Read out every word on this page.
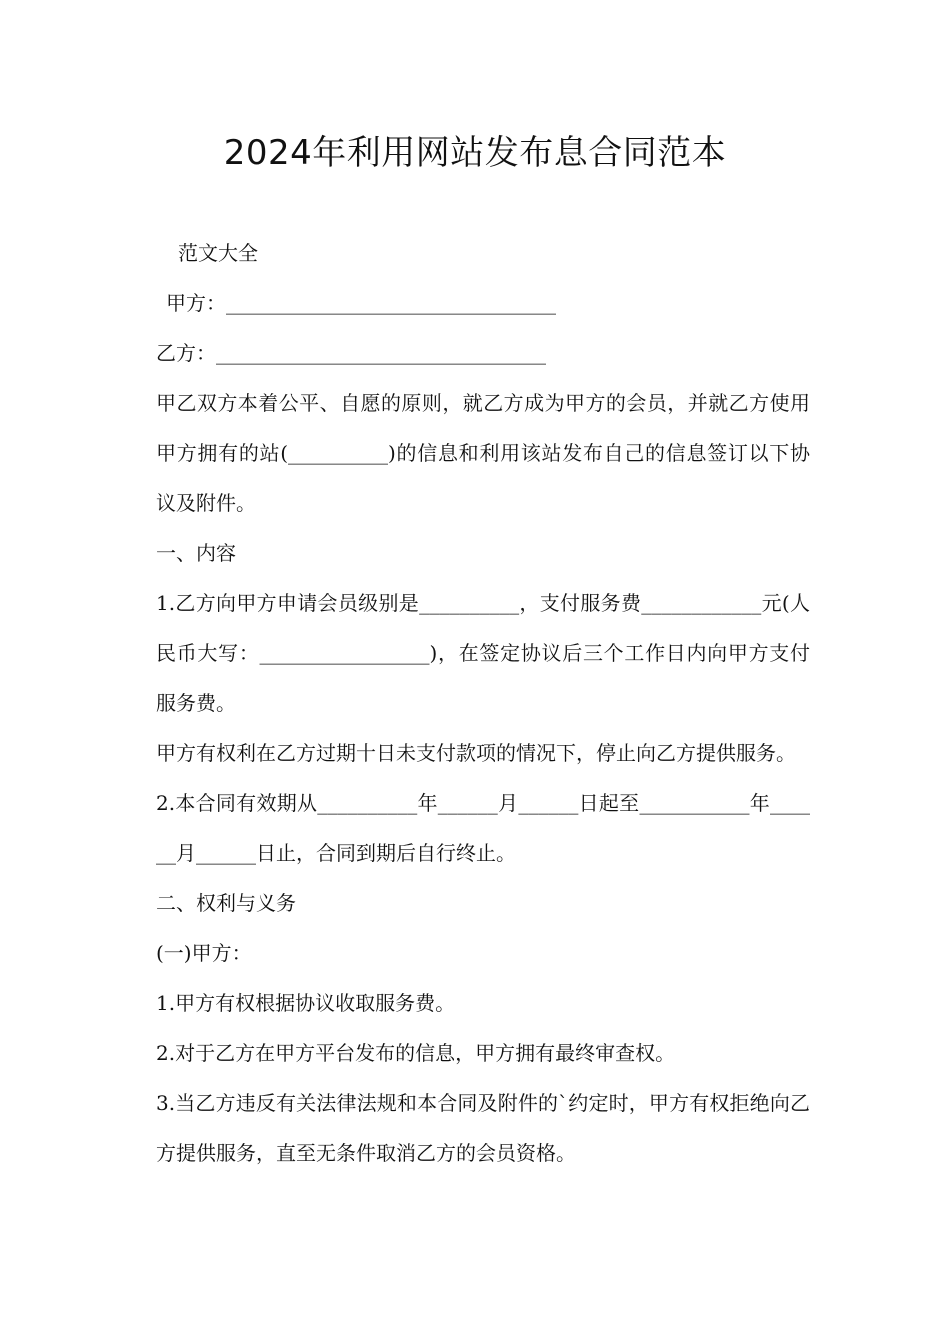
2024年利用网站发布息合同范本

范文大全

甲方：_________________________________

乙方：_________________________________

甲乙双方本着公平、自愿的原则，就乙方成为甲方的会员，并就乙方使用甲方拥有的站(__________)的信息和利用该站发布自己的信息签订以下协议及附件。

一、内容

1.乙方向甲方申请会员级别是__________，支付服务费____________元(人民币大写：_________________)，在签定协议后三个工作日内向甲方支付服务费。

甲方有权利在乙方过期十日未支付款项的情况下，停止向乙方提供服务。

2.本合同有效期从__________年______月______日起至___________年______月______日止，合同到期后自行终止。

二、权利与义务

(一)甲方：

1.甲方有权根据协议收取服务费。

2.对于乙方在甲方平台发布的信息，甲方拥有最终审查权。

3.当乙方违反有关法律法规和本合同及附件的`约定时，甲方有权拒绝向乙方提供服务，直至无条件取消乙方的会员资格。
